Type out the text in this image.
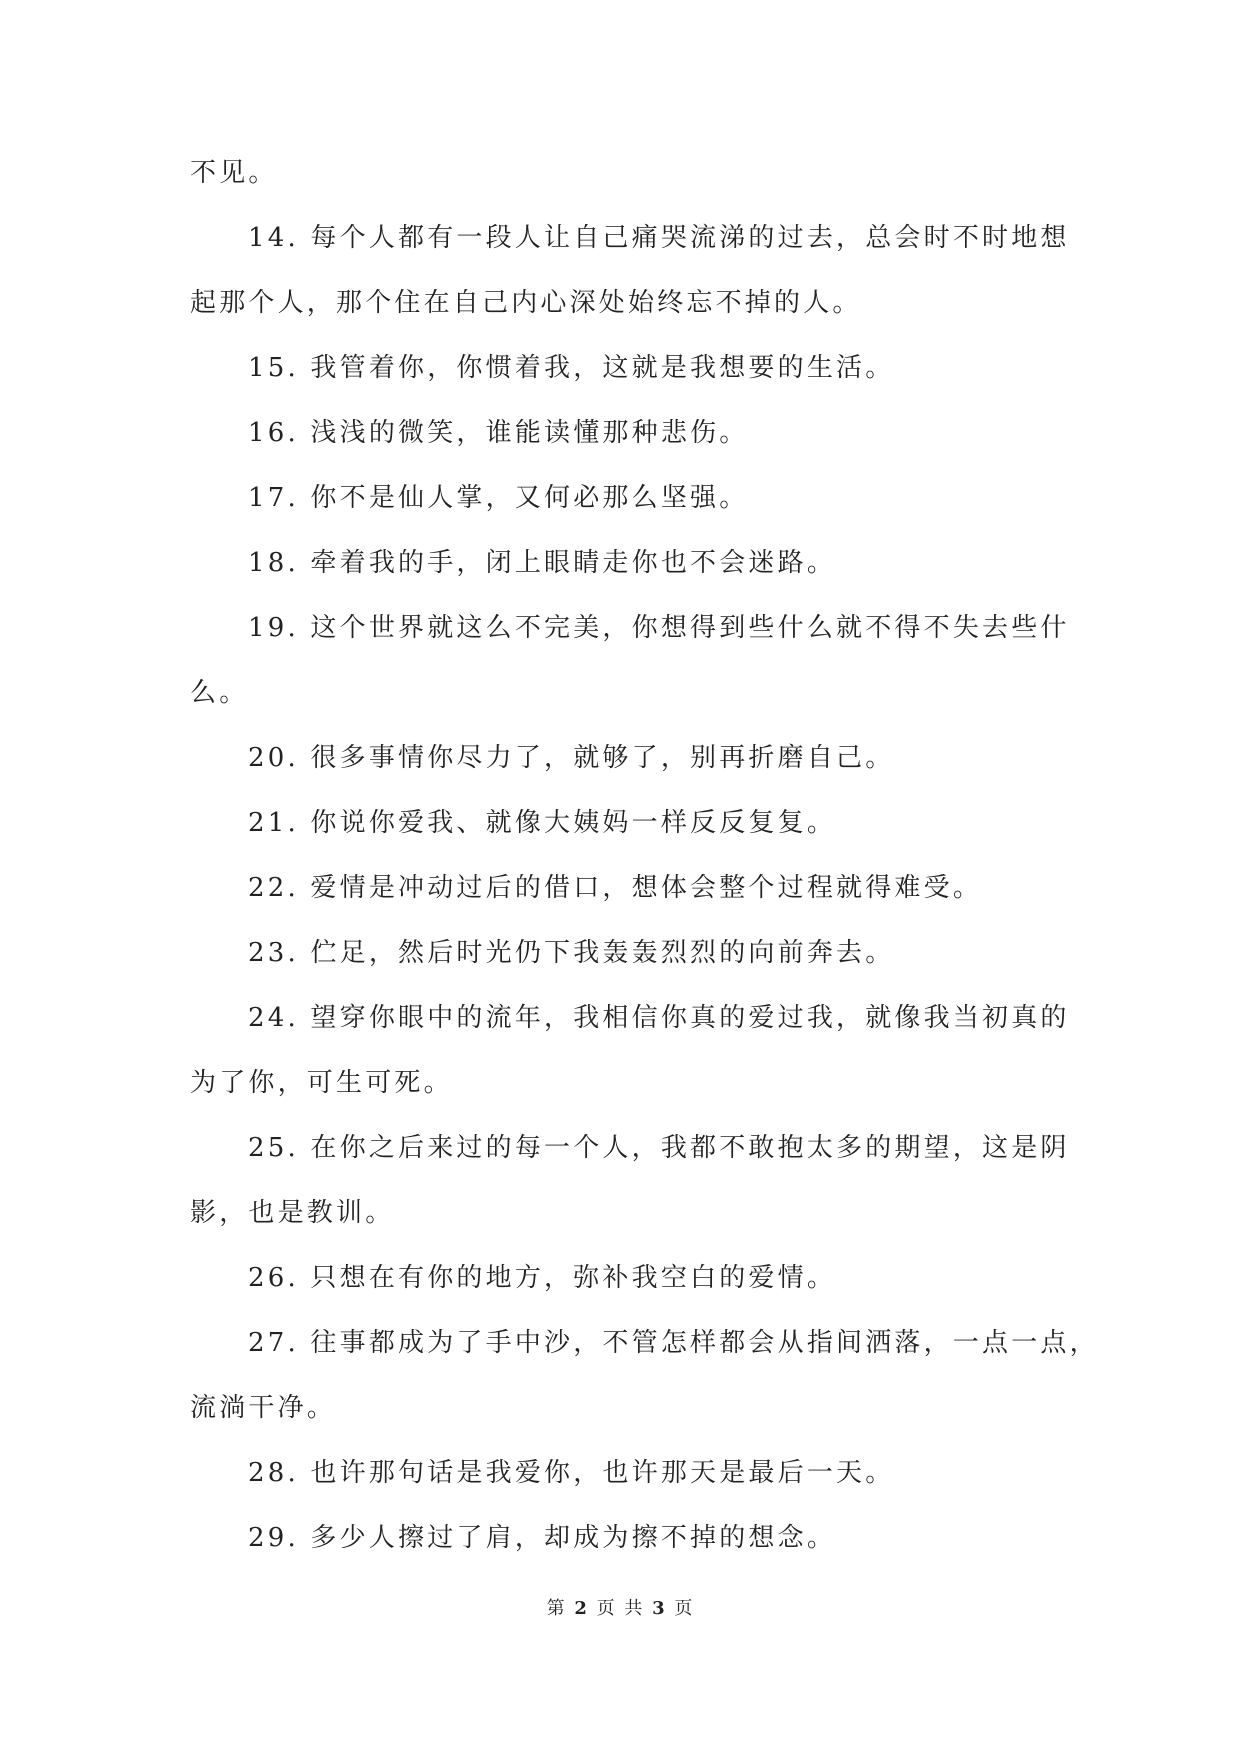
不见。
14. 每个人都有一段人让自己痛哭流涕的过去，总会时不时地想
起那个人，那个住在自己内心深处始终忘不掉的人。
15. 我管着你，你惯着我，这就是我想要的生活。
16. 浅浅的微笑，谁能读懂那种悲伤。
17. 你不是仙人掌，又何必那么坚强。
18. 牵着我的手，闭上眼睛走你也不会迷路。
19. 这个世界就这么不完美，你想得到些什么就不得不失去些什
么。
20. 很多事情你尽力了，就够了，别再折磨自己。
21. 你说你爱我、就像大姨妈一样反反复复。
22. 爱情是冲动过后的借口，想体会整个过程就得难受。
23. 伫足，然后时光仍下我轰轰烈烈的向前奔去。
24. 望穿你眼中的流年，我相信你真的爱过我，就像我当初真的
为了你，可生可死。
25. 在你之后来过的每一个人，我都不敢抱太多的期望，这是阴
影，也是教训。
26. 只想在有你的地方，弥补我空白的爱情。
27. 往事都成为了手中沙，不管怎样都会从指间洒落，一点一点，
流淌干净。
28. 也许那句话是我爱你，也许那天是最后一天。
29. 多少人擦过了肩，却成为擦不掉的想念。
第 2 页 共 3 页
